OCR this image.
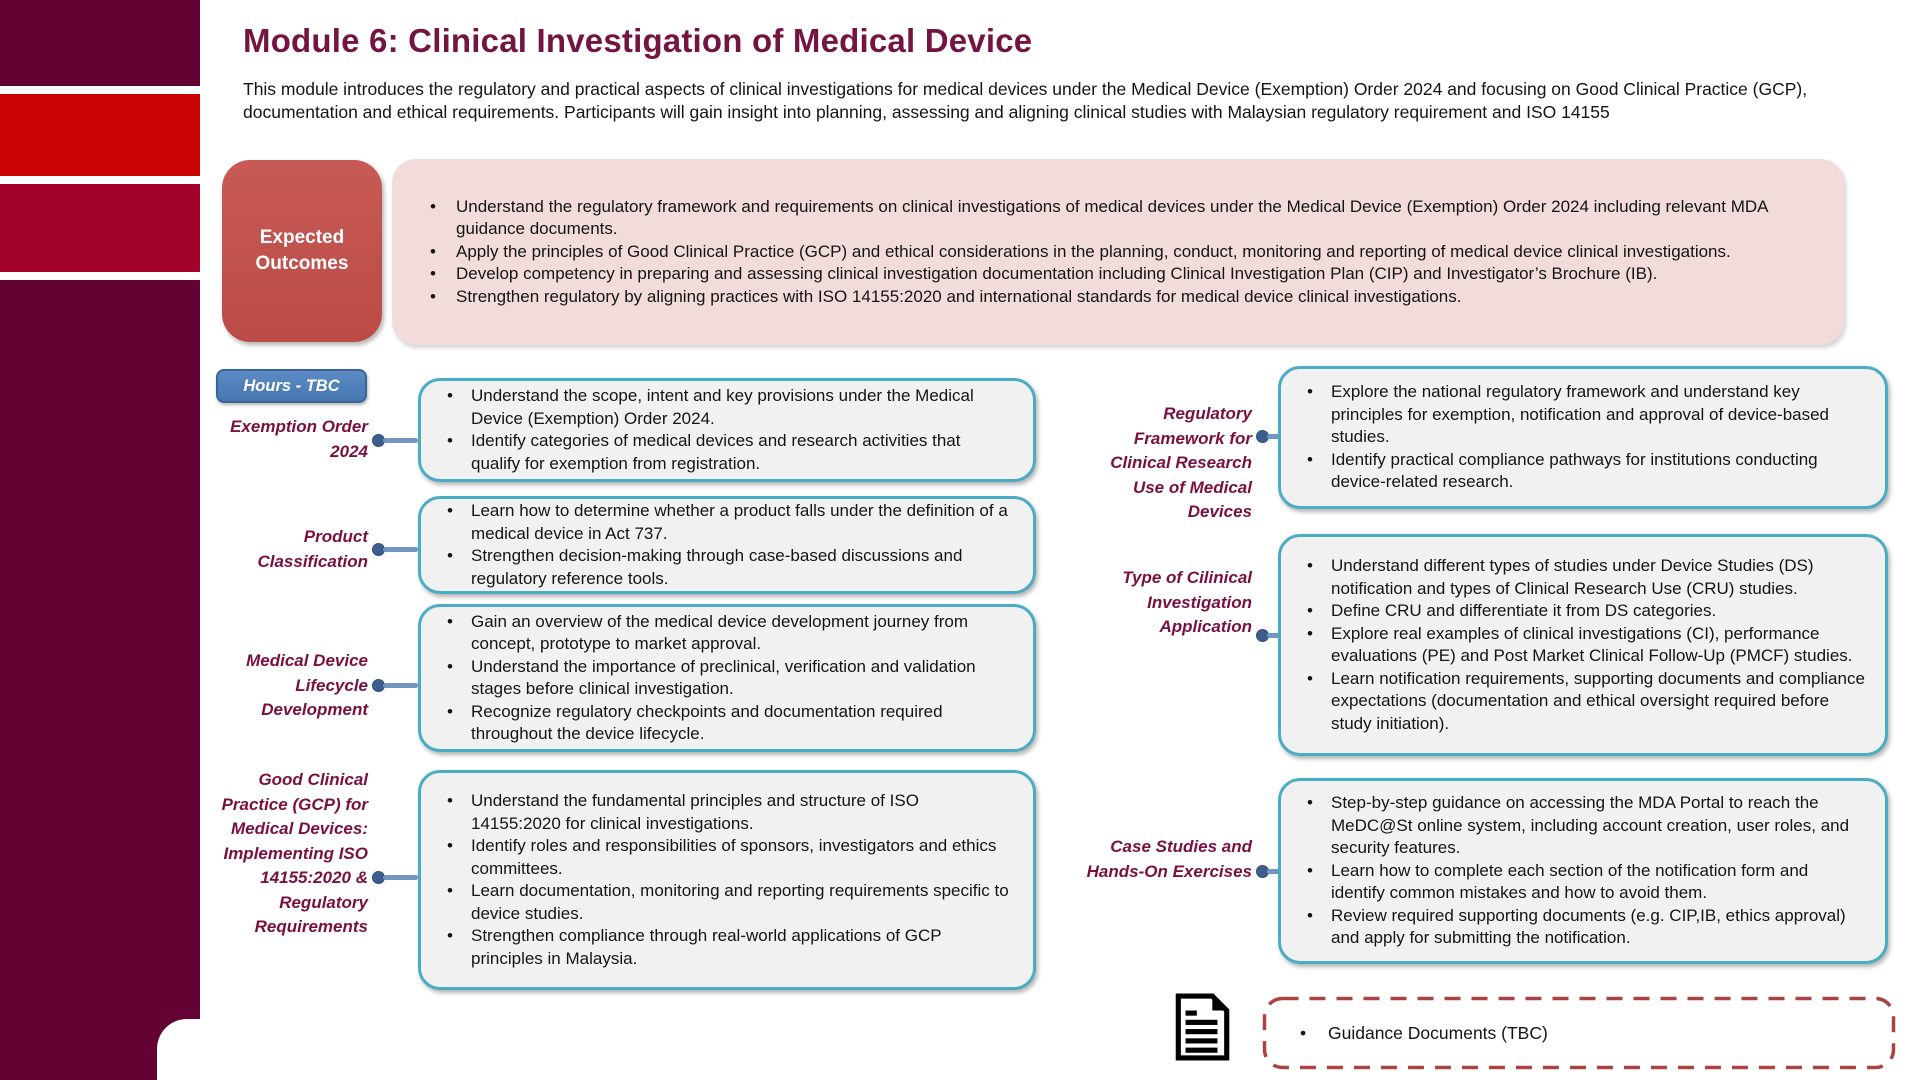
Module 6: Clinical Investigation of Medical Device

This module introduces the regulatory and practical aspects of clinical investigations for medical devices under the Medical Device (Exemption) Order 2024 and focusing on Good Clinical Practice (GCP), documentation and ethical requirements. Participants will gain insight into planning, assessing and aligning clinical studies with Malaysian regulatory requirement and ISO 14155

Expected Outcomes
• Understand the regulatory framework and requirements on clinical investigations of medical devices under the Medical Device (Exemption) Order 2024 including relevant MDA guidance documents.
• Apply the principles of Good Clinical Practice (GCP) and ethical considerations in the planning, conduct, monitoring and reporting of medical device clinical investigations.
• Develop competency in preparing and assessing clinical investigation documentation including Clinical Investigation Plan (CIP) and Investigator’s Brochure (IB).
• Strengthen regulatory by aligning practices with ISO 14155:2020 and international standards for medical device clinical investigations.
Hours - TBC
Exemption Order 2024
• Understand the scope, intent and key provisions under the Medical Device (Exemption) Order 2024.
• Identify categories of medical devices and research activities that qualify for exemption from registration.
Product Classification
• Learn how to determine whether a product falls under the definition of a medical device in Act 737.
• Strengthen decision-making through case-based discussions and regulatory reference tools.
Medical Device Lifecycle Development
• Gain an overview of the medical device development journey from concept, prototype to market approval.
• Understand the importance of preclinical, verification and validation stages before clinical investigation.
• Recognize regulatory checkpoints and documentation required throughout the device lifecycle.
Good Clinical Practice (GCP) for Medical Devices: Implementing ISO 14155:2020 & Regulatory Requirements
• Understand the fundamental principles and structure of ISO 14155:2020 for clinical investigations.
• Identify roles and responsibilities of sponsors, investigators and ethics committees.
• Learn documentation, monitoring and reporting requirements specific to device studies.
• Strengthen compliance through real-world applications of GCP principles in Malaysia.
Regulatory Framework for Clinical Research Use of Medical Devices
• Explore the national regulatory framework and understand key principles for exemption, notification and approval of device-based studies.
• Identify practical compliance pathways for institutions conducting device-related research.
Type of Cilinical Investigation Application
• Understand different types of studies under Device Studies (DS) notification and types of Clinical Research Use (CRU) studies.
• Define CRU and differentiate it from DS categories.
• Explore real examples of clinical investigations (CI), performance evaluations (PE) and Post Market Clinical Follow-Up (PMCF) studies.
• Learn notification requirements, supporting documents and compliance expectations (documentation and ethical oversight required before study initiation).
Case Studies and Hands-On Exercises
• Step-by-step guidance on accessing the MDA Portal to reach the MeDC@St online system, including account creation, user roles, and security features.
• Learn how to complete each section of the notification form and identify common mistakes and how to avoid them.
• Review required supporting documents (e.g. CIP,IB, ethics approval) and apply for submitting the notification.
• Guidance Documents (TBC)
